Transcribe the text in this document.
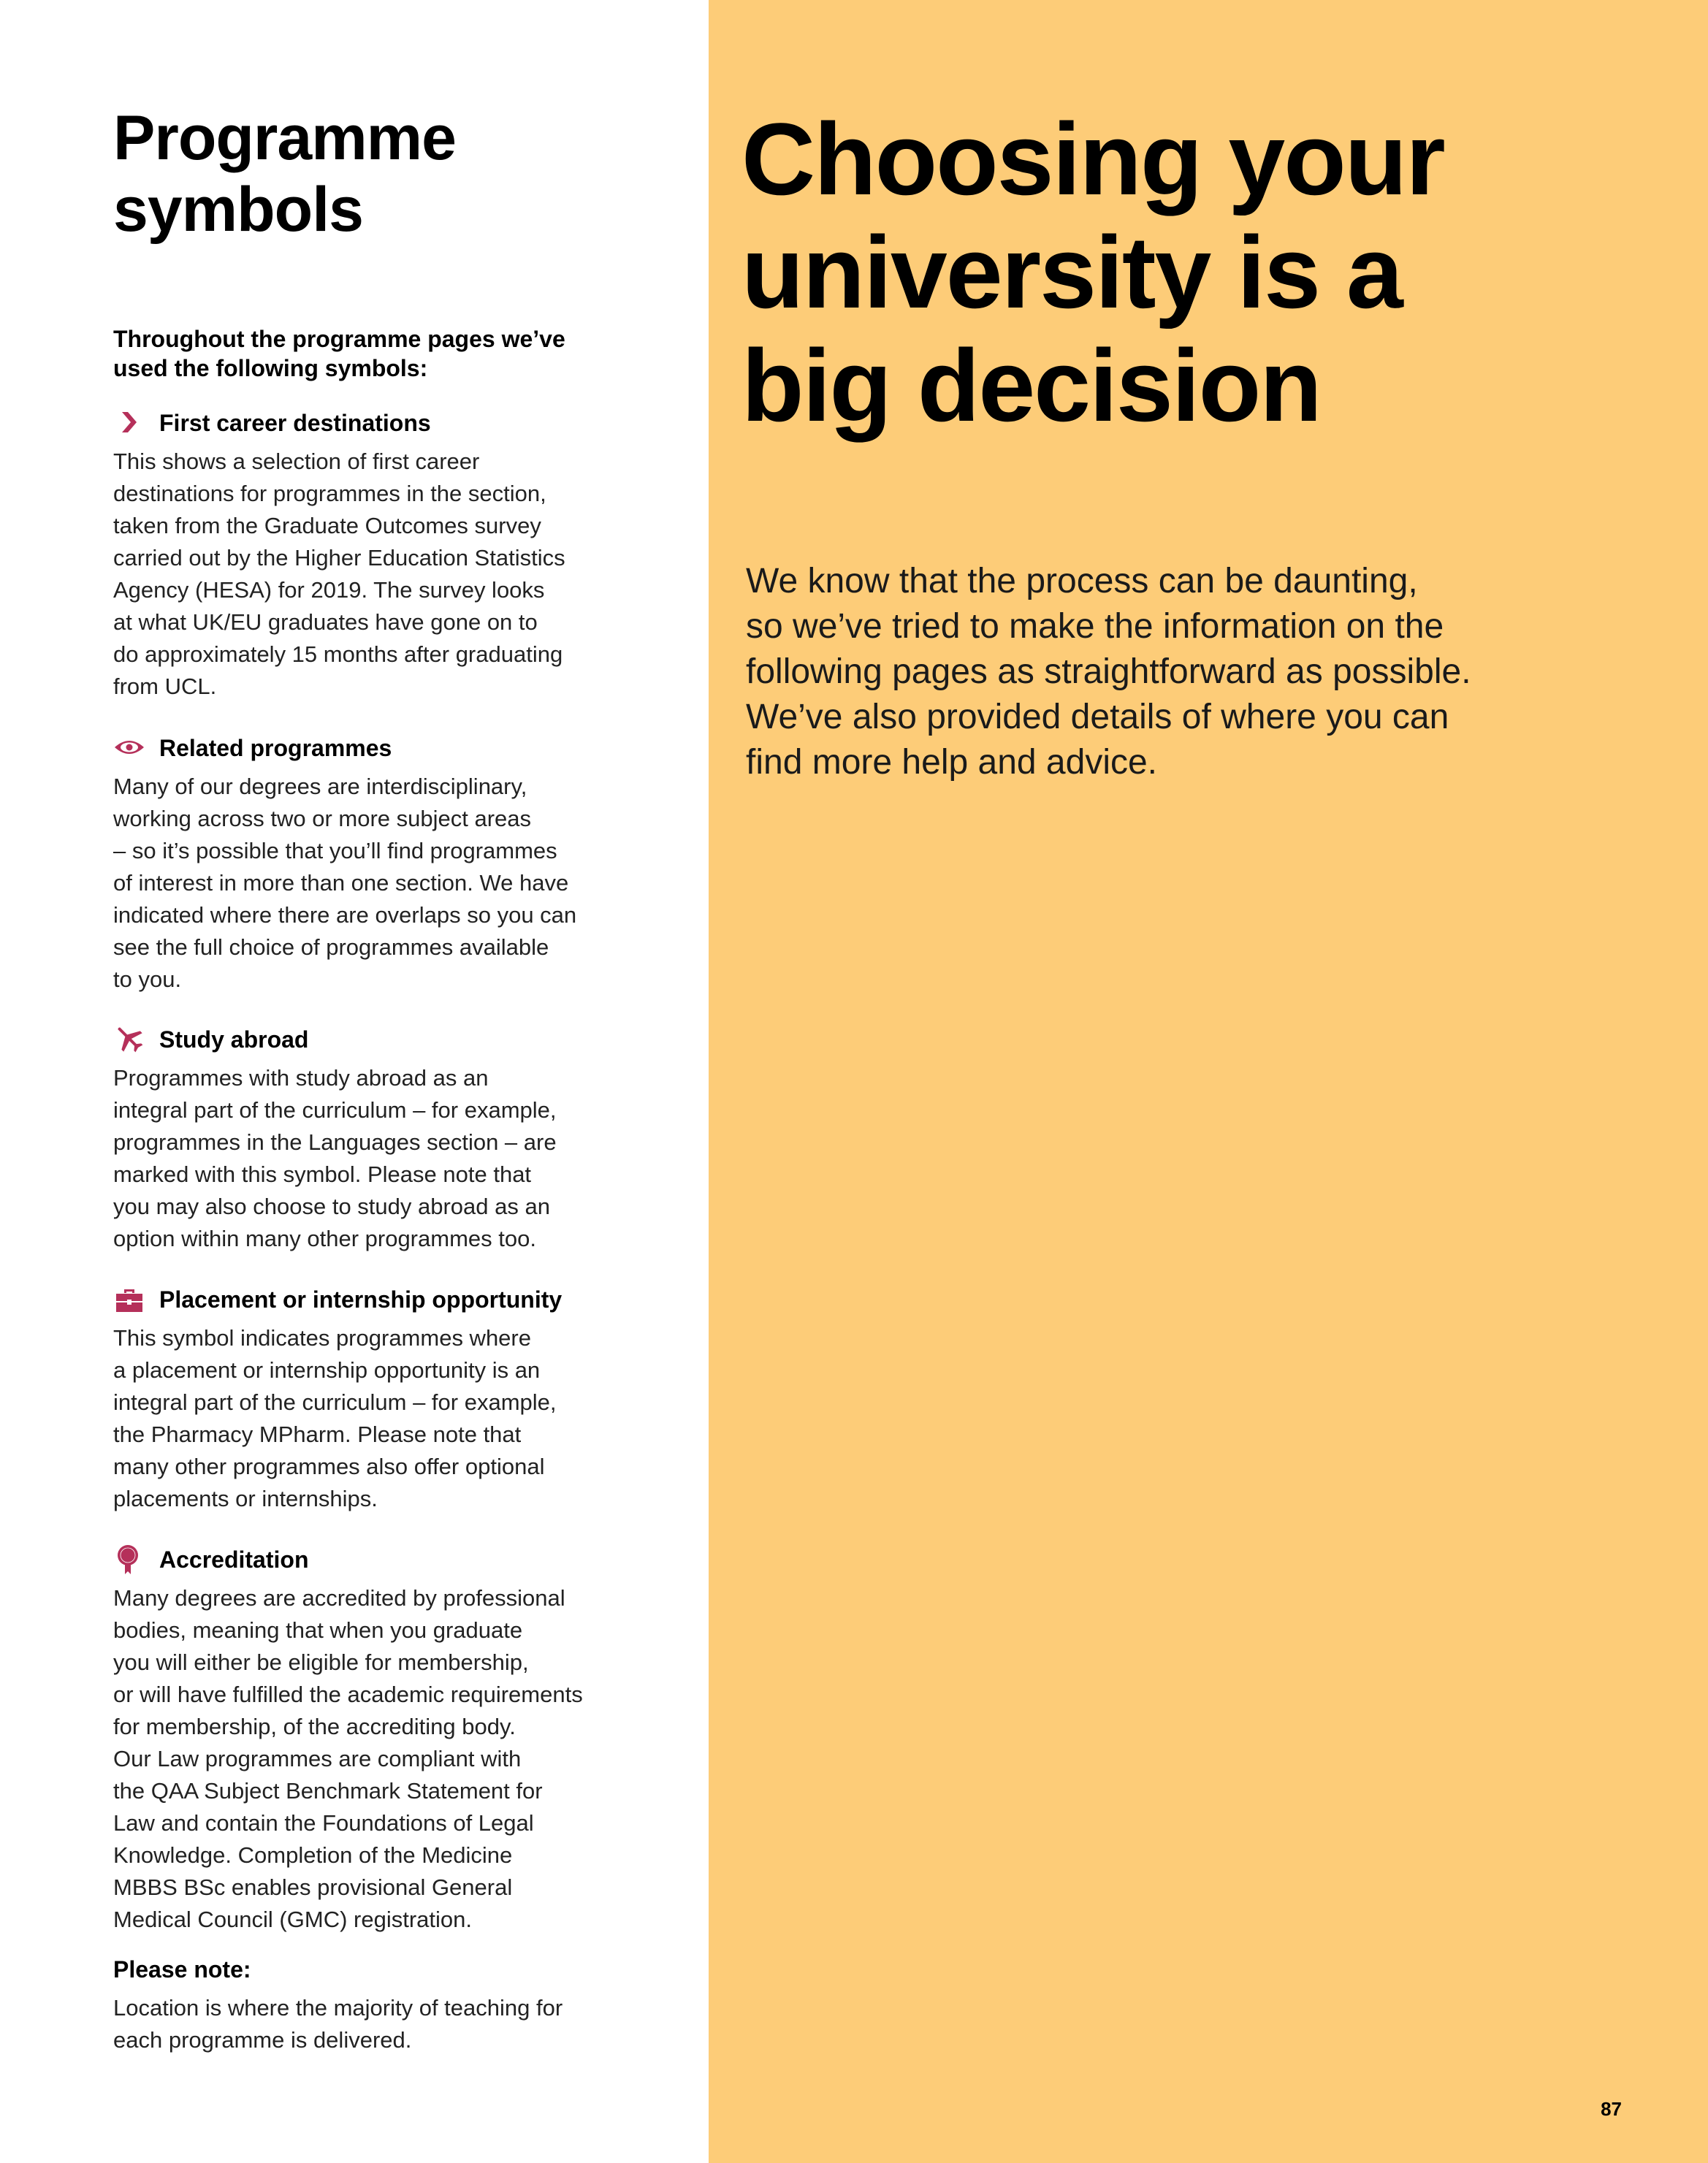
Programme
symbols

Throughout the programme pages we’ve used the following symbols:

First career destinations

This shows a selection of first career
destinations for programmes in the section,
taken from the Graduate Outcomes survey
carried out by the Higher Education Statistics
Agency (HESA) for 2019. The survey looks
at what UK/EU graduates have gone on to
do approximately 15 months after graduating
from UCL.

Related programmes

Many of our degrees are interdisciplinary,
working across two or more subject areas
– so it’s possible that you’ll find programmes
of interest in more than one section. We have
indicated where there are overlaps so you can
see the full choice of programmes available
to you.

Study abroad

Programmes with study abroad as an
integral part of the curriculum – for example,
programmes in the Languages section – are
marked with this symbol. Please note that
you may also choose to study abroad as an
option within many other programmes too.

Placement or internship opportunity

This symbol indicates programmes where
a placement or internship opportunity is an
integral part of the curriculum – for example,
the Pharmacy MPharm. Please note that
many other programmes also offer optional
placements or internships.

Accreditation

Many degrees are accredited by professional
bodies, meaning that when you graduate
you will either be eligible for membership,
or will have fulfilled the academic requirements
for membership, of the accrediting body.
Our Law programmes are compliant with
the QAA Subject Benchmark Statement for
Law and contain the Foundations of Legal
Knowledge. Completion of the Medicine
MBBS BSc enables provisional General
Medical Council (GMC) registration.

Please note:

Location is where the majority of teaching for
each programme is delivered.

Choosing your
university is a
big decision

We know that the process can be daunting,
so we’ve tried to make the information on the
following pages as straightforward as possible.
We’ve also provided details of where you can
find more help and advice.

87
